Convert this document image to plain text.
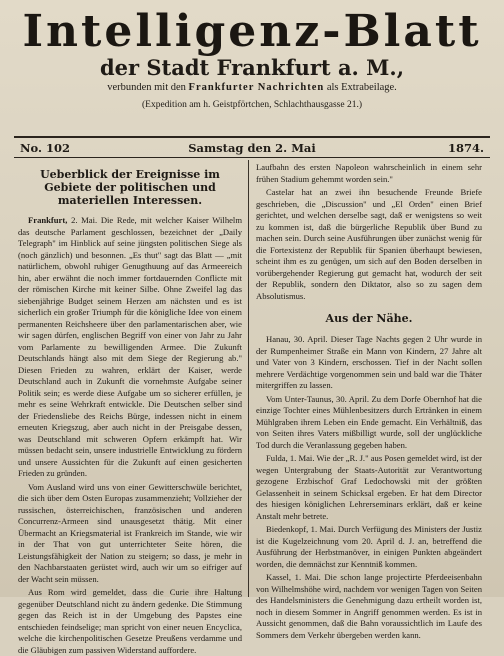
Intelligenz-Blatt
der Stadt Frankfurt a. M.,
verbunden mit den Frankfurter Nachrichten als Extrabeilage.
(Expedition am h. Geistpförtchen, Schlachthausgasse 21.)
No. 102	Samstag den 2. Mai	1874.
Ueberblick der Ereignisse im Gebiete der politischen und materiellen Interessen.

Frankfurt, 2. Mai. Die Rede, mit welcher Kaiser Wilhelm das deutsche Parlament geschlossen, bezeichnet der „Daily Telegraph" im Hinblick auf seine jüngsten politischen Siege als (noch gänzlich) und besonnen. „Es thut" sagt das Blatt — „mit natürlichem, obwohl ruhiger Genugthuung auf das Armeereich hin, aber erwähnt die noch immer fortdauernden Conflicte mit der römischen Kirche mit keiner Silbe. Ohne Zweifel lag das siebenjährige Budget seinem Herzen am nächsten und es ist sicherlich ein großer Triumph für die königliche Idee von einem permanenten Reichsheere über den parlamentarischen aber, wie wir sagen dürfen, englischen Begriff von einer von Jahr zu Jahr vom Parlamente zu bewilligenden Armee. Die Zukunft Deutschlands hängt also mit dem Siege der Regierung ab." Diesen Frieden zu wahren, erklärt der Kaiser, werde Deutschland auch in Zukunft die vornehmste Aufgabe seiner Politik sein; es werde diese Aufgabe um so sicherer erfüllen, je mehr es seine Wehrkraft entwickle. Die Deutschen selber sind der Friedensliebe des Reichs Bürge, indessen nicht in einem erneuten Kriegszug, aber auch nicht in der Preisgabe dessen, was Deutschland mit schweren Opfern erkämpft hat. Wir müssen bedacht sein, unsere industrielle Entwicklung zu fördern und unsere Aussichten für die Zukunft auf einen gesicherten Frieden zu gründen.

Vom Ausland wird uns von einer Gewitterschwüle berichtet, die sich über dem Osten Europas zusammenzieht; Vollzieher der russischen, österreichischen, französischen und anderen Concurrenz-Armeen sind unausgesetzt thätig. Mit einer Übermacht an Kriegsmaterial ist Frankreich im Stande, wie wir in der That von gut unterrichteter Seite hören, die Leistungsfähigkeit der Nation zu steigern; so dass, je mehr in den Nachbarstaaten gerüstet wird, auch wir um so eifriger auf der Wacht sein müssen.

Aus Rom wird gemeldet, dass die Curie ihre Haltung gegenüber Deutschland nicht zu ändern gedenke. Die Stimmung gegen das Reich ist in der Umgebung des Papstes eine entschieden feindselige; man spricht von einer neuen Encyclica, welche die kirchenpolitischen Gesetze Preußens verdamme und die Gläubigen zum passiven Widerstand auffordere.

Laufbahn des ersten Napoleon wahrscheinlich in einem sehr frühen Stadium gehemmt worden sein."

Castelar hat an zwei ihn besuchende Freunde Briefe geschrieben, die „Discussion" und „El Orden" einen Brief gerichtet, und welchen derselbe sagt, daß er wenigstens so weit zu kommen ist, daß die bürgerliche Republik über Bund zu machen sein. Durch seine Ausführungen über zunächst wenig für die Fortexistenz der Republik für Spanien überhaupt bewiesen, scheint ihm es zu genügen, um sich auf den Boden derselben in vorübergehender Regierung gut gemacht hat, wodurch der seit der Republik, sondern den Diktator, also so zu sagen dem Absolutismus.

Aus der Nähe.

Hanau, 30. April. Dieser Tage Nachts gegen 2 Uhr wurde in der Rumpenheimer Straße ein Mann von Kindern, 27 Jahre alt und Vater von 3 Kindern, erschossen. Tief in der Nacht sollen mehrere Verdächtige vorgenommen sein und bald war die Thäter mitergriffen zu lassen.

Vom Unter-Taunus, 30. April. Zu dem Dorfe Obernhof hat die einzige Tochter eines Mühlenbesitzers durch Ertränken in einem Mühlgraben ihrem Leben ein Ende gemacht. Ein Verhältniß, das von Seiten ihres Vaters mißbilligt wurde, soll der unglückliche Tod durch die Veranlassung gegeben haben.

Fulda, 1. Mai. Wie der „R. J." aus Posen gemeldet wird, ist der wegen Untergrabung der Staats-Autorität zur Verantwortung gezogene Erzbischof Graf Ledochowski mit der größten Gelassenheit in seinem Schicksal ergeben. Er hat dem Director des hiesigen königlichen Lehrerseminars erklärt, daß er keine Anstalt mehr betrete.

Biedenkopf, 1. Mai. Durch Verfügung des Ministers der Justiz ist die Kugelzeichnung vom 20. April d. J. an, betreffend die Ausführung der Herbstmanöver, in einigen Punkten abgeändert worden, die demnächst zur Kenntniß kommen.

Kassel, 1. Mai. Die schon lange projectirte Pferdeeisenbahn von Wilhelmshöhe wird, nachdem vor wenigen Tagen von Seiten des Handelsministers die Genehmigung dazu ertheilt worden ist, noch in diesem Sommer in Angriff genommen werden. Es ist in Aussicht genommen, daß die Bahn voraussichtlich im Laufe des Sommers dem Verkehr übergeben werden kann.
